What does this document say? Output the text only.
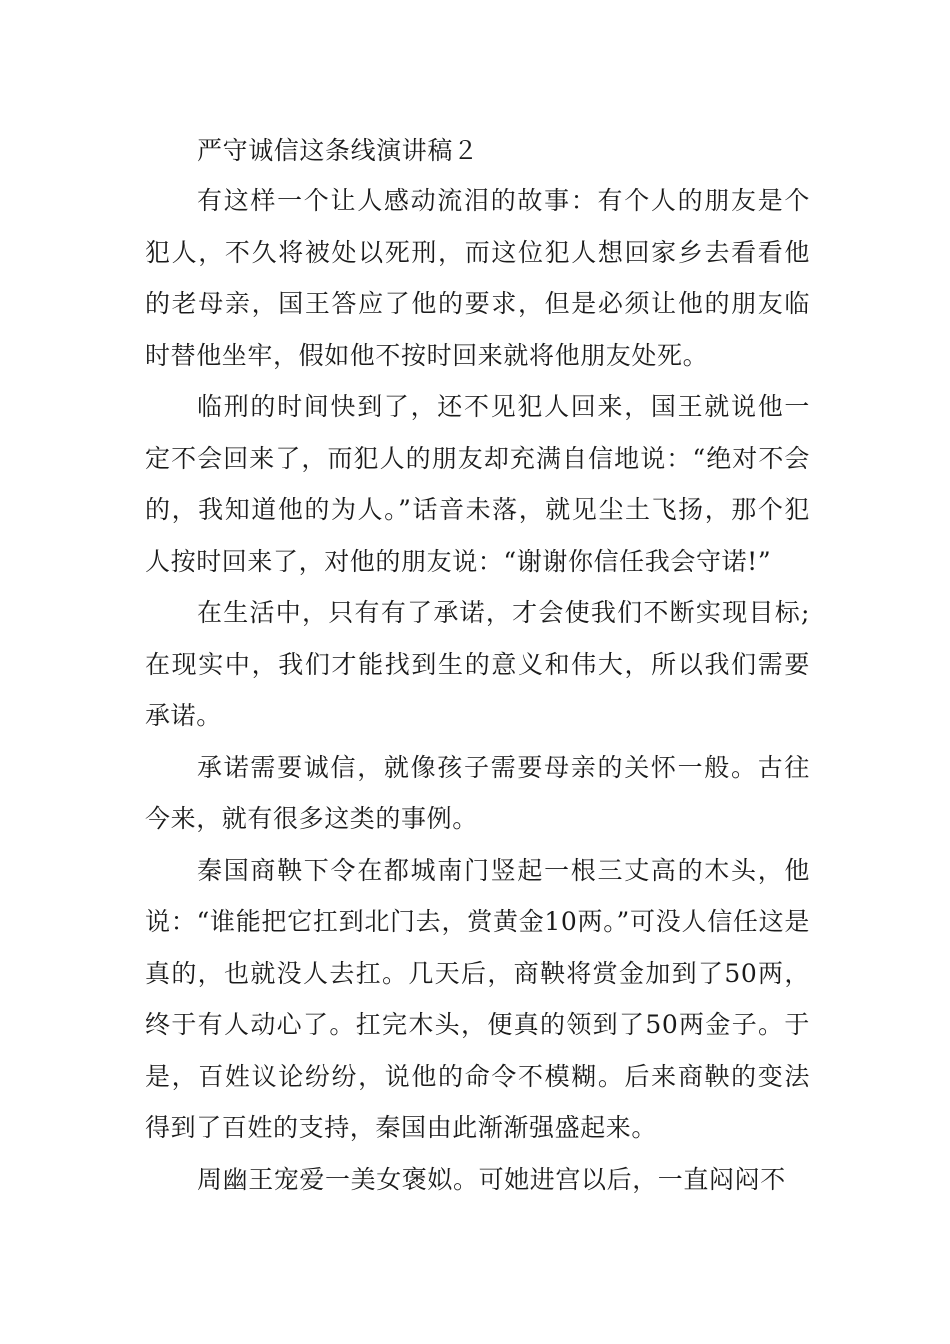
严守诚信这条线演讲稿２

有这样一个让人感动流泪的故事：有个人的朋友是个犯人，不久将被处以死刑，而这位犯人想回家乡去看看他的老母亲，国王答应了他的要求，但是必须让他的朋友临时替他坐牢，假如他不按时回来就将他朋友处死。

临刑的时间快到了，还不见犯人回来，国王就说他一定不会回来了，而犯人的朋友却充满自信地说：“绝对不会的，我知道他的为人。”话音未落，就见尘土飞扬，那个犯人按时回来了，对他的朋友说：“谢谢你信任我会守诺!”

在生活中，只有有了承诺，才会使我们不断实现目标;在现实中，我们才能找到生的意义和伟大，所以我们需要承诺。

承诺需要诚信，就像孩子需要母亲的关怀一般。古往今来，就有很多这类的事例。

秦国商鞅下令在都城南门竖起一根三丈高的木头，他说：“谁能把它扛到北门去，赏黄金10两。”可没人信任这是真的，也就没人去扛。几天后，商鞅将赏金加到了50两，终于有人动心了。扛完木头，便真的领到了50两金子。于是，百姓议论纷纷，说他的命令不模糊。后来商鞅的变法得到了百姓的支持，秦国由此渐渐强盛起来。

周幽王宠爱一美女褒姒。可她进宫以后，一直闷闷不
